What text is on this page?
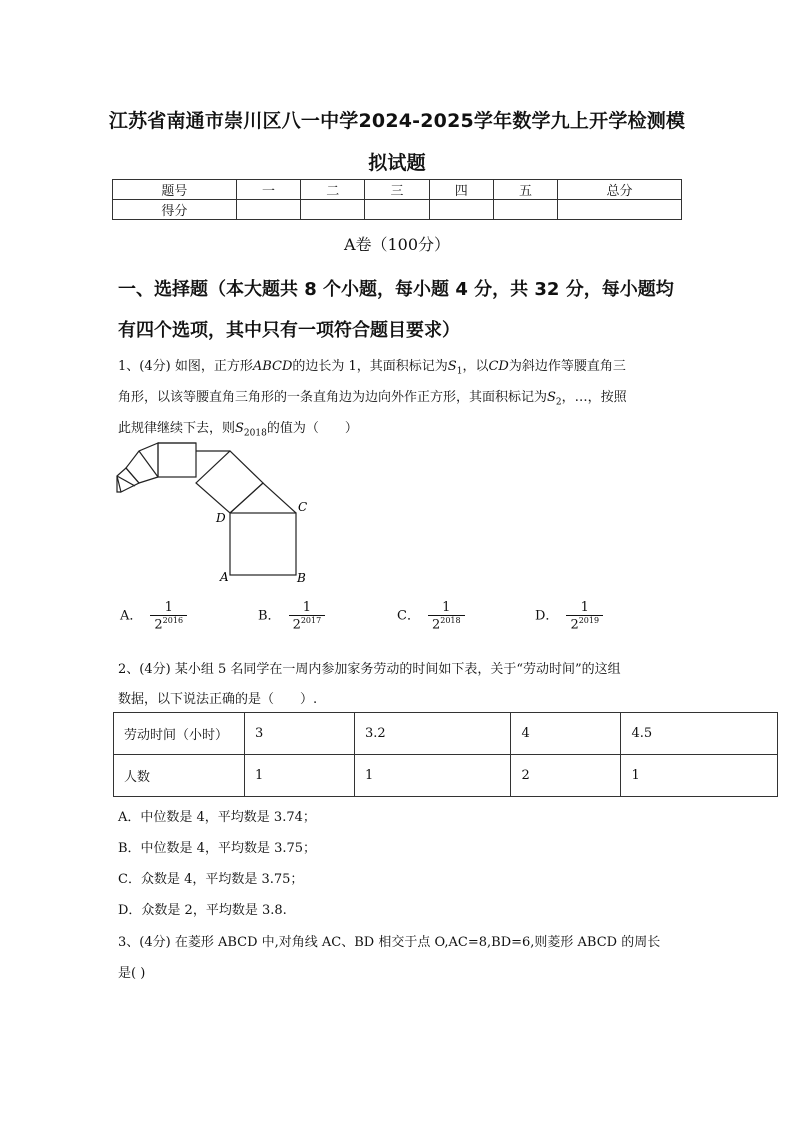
江苏省南通市崇川区八一中学2024-2025学年数学九上开学检测模
拟试题
题号	一	二	三	四	五	总分
得分						
A卷（100分）
一、选择题（本大题共 8 个小题，每小题 4 分，共 32 分，每小题均
有四个选项，其中只有一项符合题目要求）
1、(4分) 如图，正方形ABCD的边长为 1，其面积标记为$S_1$，以CD为斜边作等腰直角三
角形，以该等腰直角三角形的一条直角边为边向外作正方形，其面积标记为$S_2$，…，按照
此规律继续下去，则$S_{2018}$的值为（　　）
D
C
A	B
A． $\frac{1}{2^{2016}}$	B． $\frac{1}{2^{2017}}$	C． $\frac{1}{2^{2018}}$	D． $\frac{1}{2^{2019}}$
2、(4分) 某小组 5 名同学在一周内参加家务劳动的时间如下表，关于“劳动时间”的这组
数据，以下说法正确的是（　　）.
劳动时间（小时）	3	3.2	4	4.5
人数	1	1	2	1
A．中位数是 4，平均数是 3.74；
B．中位数是 4，平均数是 3.75；
C．众数是 4，平均数是 3.75；
D．众数是 2，平均数是 3.8.
3、(4分) 在菱形 ABCD 中,对角线 AC、BD 相交于点 O,AC=8,BD=6,则菱形 ABCD 的周长
是( )
